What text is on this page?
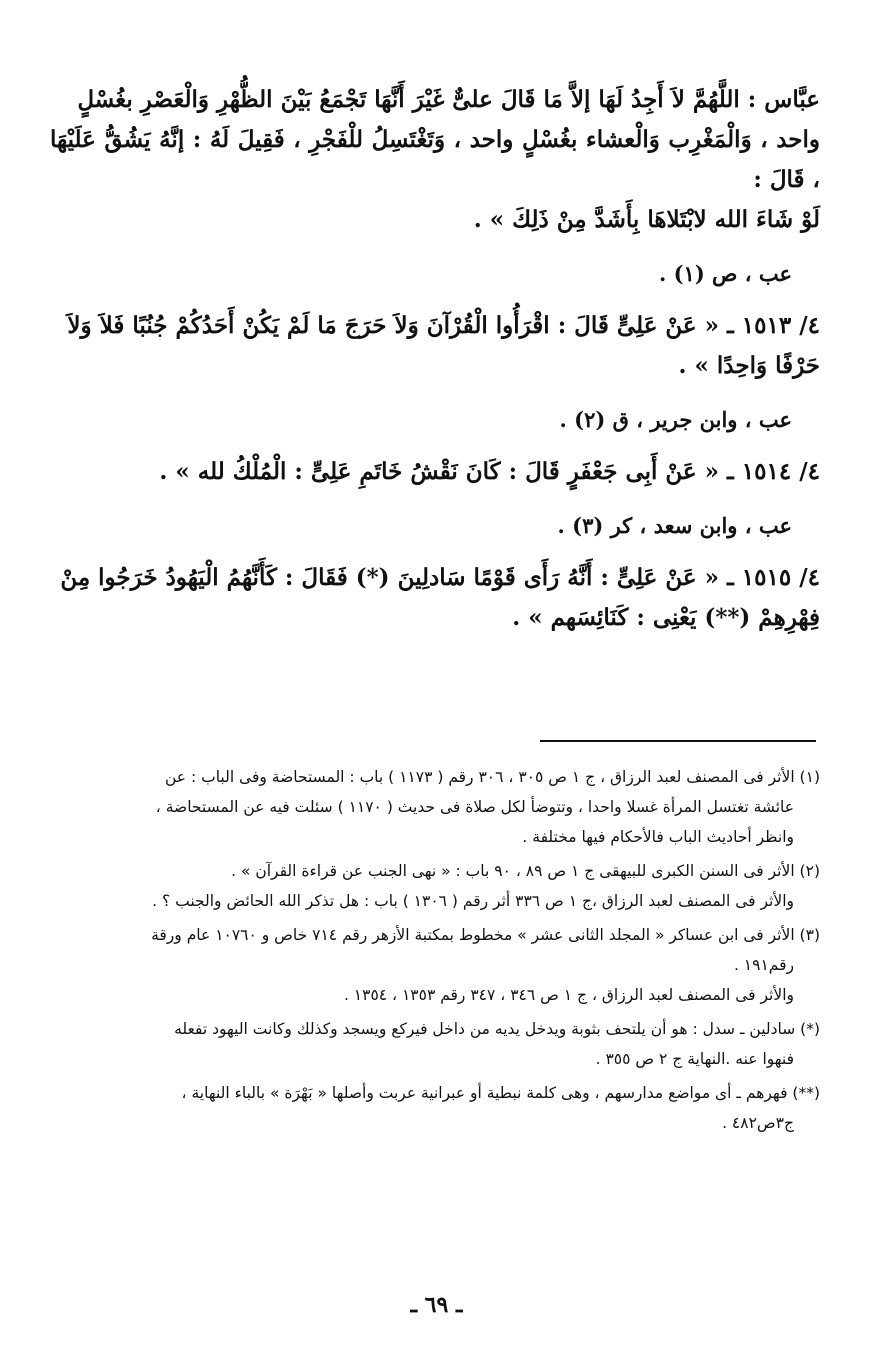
عبَّاس : اللَّهُمَّ لاَ أَجِدُ لَهَا إلاَّ مَا قَالَ علىٌّ غَيْرَ أَنَّهَا تَجْمَعُ بَيْنَ الظُّهْرِ وَالْعَصْرِ بغُسْلٍ

واحد ، وَالْمَغْرِب وَالْعشاء بغُسْلٍ واحد ، وَتَغْتَسِلُ للْفَجْرِ ، فَقِيلَ لَهُ : إنَّهُ يَشُقُّ عَلَيْهَا ، قَالَ :

لَوْ شَاءَ الله لابْتَلاهَا بِأَشَدَّ مِنْ ذَلِكَ » .

عب ، ص (١) .

٤/ ١٥١٣ ـ « عَنْ عَلِىٍّ قَالَ : اقْرَأُوا الْقُرْآنَ وَلاَ حَرَجَ مَا لَمْ يَكُنْ أَحَدُكُمْ جُنُبًا فَلاَ وَلاَ

حَرْفًا وَاحِدًا » .

عب ، وابن جرير ، ق (٢) .

٤/ ١٥١٤ ـ « عَنْ أَبِى جَعْفَرٍ قَالَ : كَانَ نَقْشُ خَاتَمِ عَلِىٍّ : الْمُلْكُ لله » .

عب ، وابن سعد ، كر (٣) .

٤/ ١٥١٥ ـ « عَنْ عَلِىٍّ : أَنَّهُ رَأَى قَوْمًا سَادلِينَ (*) فَقَالَ : كَأَنَّهُمُ الْيَهُودُ خَرَجُوا مِنْ

فِهْرِهِمْ (**) يَعْنِى : كَنَائِسَهم » .

(١) الأثر فى المصنف لعبد الرزاق ، ج ١ ص ٣٠٥ ، ٣٠٦ رقم ( ١١٧٣ ) باب : المستحاضة وفى الباب : عن
عائشة تغتسل المرأة غسلا واحدا ، وتتوضأ لكل صلاة فى حديث ( ١١٧٠ ) سئلت فيه عن المستحاضة ،
وانظر أحاديث الباب فالأحكام فيها مختلفة .
(٢) الأثر فى السنن الكبرى للبيهقى ج ١ ص ٨٩ ، ٩٠ باب : « نهى الجنب عن قراءة القرآن » .
والأثر فى المصنف لعبد الرزاق ،ج ١ ص ٣٣٦ أثر رقم ( ١٣٠٦ ) باب : هل تذكر الله الحائض والجنب ؟ .
(٣) الأثر فى ابن عساكر « المجلد الثانى عشر » مخطوط بمكتبة الأزهر رقم ٧١٤ خاص و ١٠٧٦٠ عام ورقة
رقم١٩١ .
والأثر فى المصنف لعبد الرزاق ، ج ١ ص ٣٤٦ ، ٣٤٧ رقم ١٣٥٣ ، ١٣٥٤ .
(*) سادلين ـ سدل : هو أن يلتحف بثوبة ويدخل يديه من داخل فيركع ويسجد وكذلك وكانت اليهود تفعله
فنهوا عنه .النهاية ج ٢ ص ٣٥٥ .
(**) فهرهم ـ أى مواضع مدارسهم ، وهى كلمة نبطية أو عبرانية عربت وأصلها « بَهْرَة » بالباء النهاية ،
ج٣ص٤٨٢ .
ـ ٦٩ ـ
